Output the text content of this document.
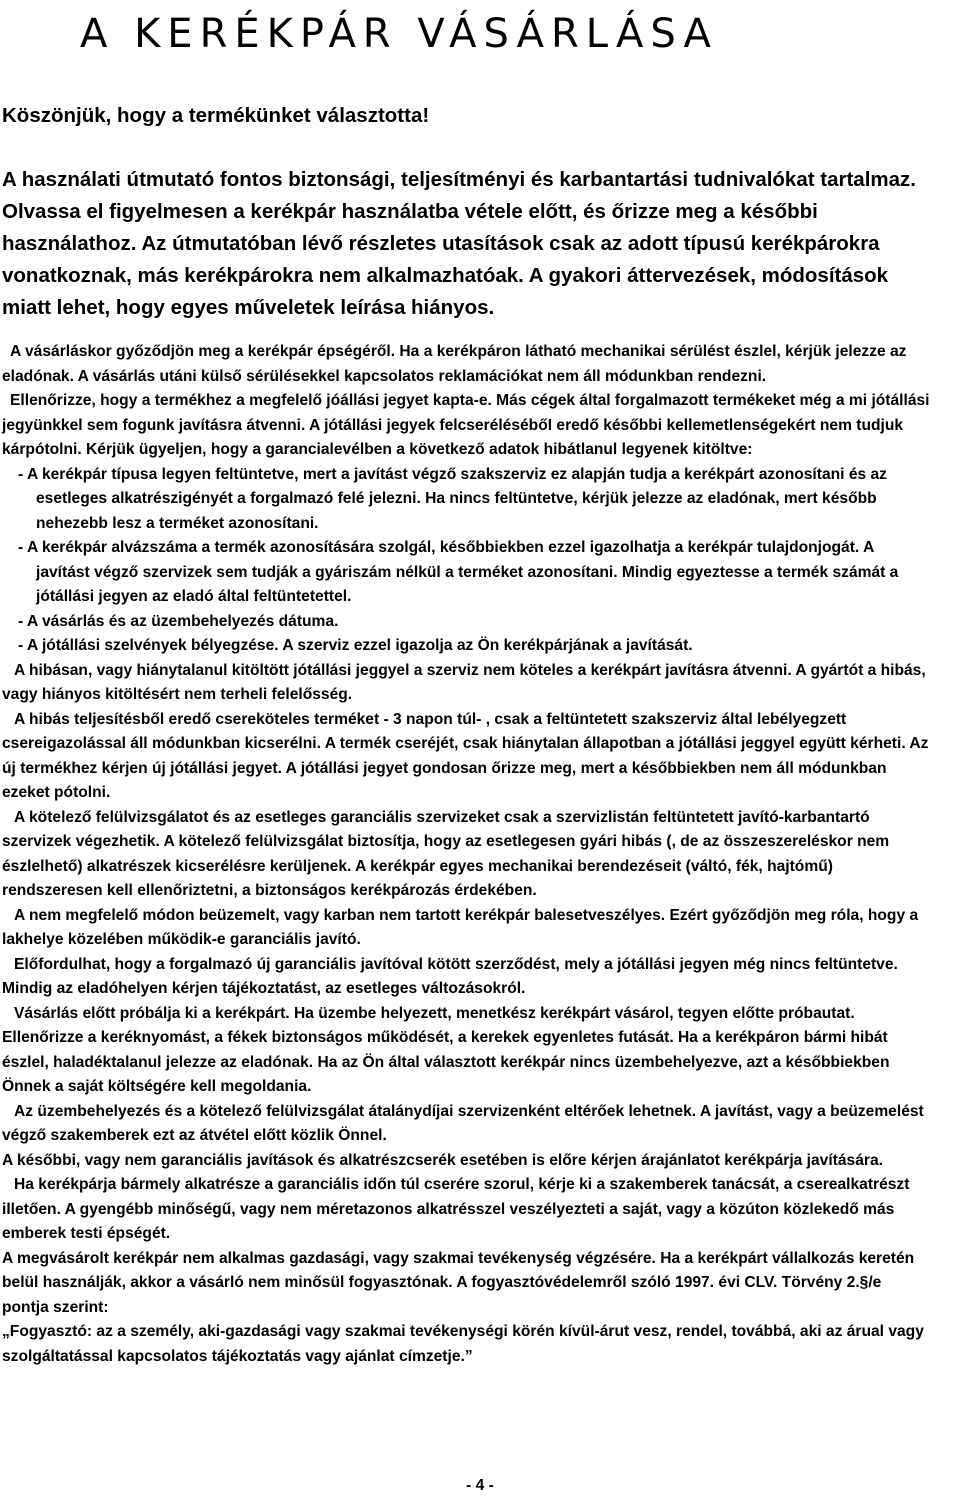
A KERÉKPÁR VÁSÁRLÁSA

Köszönjük, hogy a termékünket választotta!

A használati útmutató fontos biztonsági, teljesítményi és karbantartási tudnivalókat tartalmaz. Olvassa el figyelmesen a kerékpár használatba vétele előtt, és őrizze meg a későbbi használathoz. Az útmutatóban lévő részletes utasítások csak az adott típusú kerékpárokra vonatkoznak, más kerékpárokra nem alkalmazhatóak. A gyakori áttervezések, módosítások miatt lehet, hogy egyes műveletek leírása hiányos.

A vásárláskor győződjön meg a kerékpár épségéről. Ha a kerékpáron látható mechanikai sérülést észlel, kérjük jelezze az eladónak. A vásárlás utáni külső sérülésekkel kapcsolatos reklamációkat nem áll módunkban rendezni.

Ellenőrizze, hogy a termékhez a megfelelő jóállási jegyet kapta-e. Más cégek által forgalmazott termékeket még a mi jótállási jegyünkkel sem fogunk javításra átvenni. A jótállási jegyek felcserélésébőI eredő későbbi kellemetlenségekért nem tudjuk kárpótolni. Kérjük ügyeljen, hogy a garancialevélben a következő adatok hibátlanul legyenek kitöltve:

- A kerékpár típusa legyen feltüntetve, mert a javítást végző szakszerviz ez alapján tudja a kerékpárt azonosítani és az esetleges alkatrészigényét a forgalmazó felé jelezni. Ha nincs feltüntetve, kérjük jelezze az eladónak, mert később nehezebb lesz a terméket azonosítani.

- A kerékpár alvázszáma a termék azonosítására szolgál, későbbiekben ezzel igazolhatja a kerékpár tulajdonjogát. A javítást végző szervizek sem tudják a gyáriszám nélkül a terméket azonosítani. Mindig egyeztesse a termék számát a jótállási jegyen az eladó által feltüntetettel.

- A vásárlás és az üzembehelyezés dátuma.

- A jótállási szelvények bélyegzése. A szerviz ezzel igazolja az Ön kerékpárjának a javítását.

A hibásan, vagy hiánytalanul kitöltött jótállási jeggyel a szerviz nem köteles a kerékpárt javításra átvenni. A gyártót a hibás, vagy hiányos kitöltésért nem terheli felelősség.

A hibás teljesítésből eredő csereköteles terméket - 3 napon túl- , csak a feltüntetett szakszerviz által lebélyegzett csereigazolással áll módunkban kicserélni. A termék cseréjét, csak hiánytalan állapotban a jótállási jeggyel együtt kérheti. Az új termékhez kérjen új jótállási jegyet. A jótállási jegyet gondosan őrizze meg, mert a későbbiekben nem áll módunkban ezeket pótolni.

A kötelező felülvizsgálatot és az esetleges garanciális szervizeket csak a szervizlistán feltüntetett javító-karbantartó szervizek végezhetik. A kötelező felülvizsgálat biztosítja, hogy az esetlegesen gyári hibás (, de az összeszereléskor nem észlelhető) alkatrészek kicserélésre kerüljenek. A kerékpár egyes mechanikai berendezéseit (váltó, fék, hajtómű) rendszeresen kell ellenőriztetni, a biztonságos kerékpározás érdekében.

A nem megfelelő módon beüzemelt, vagy karban nem tartott kerékpár balesetveszélyes. Ezért győződjön meg róla, hogy a lakhelye közelében működik-e garanciális javító.

Előfordulhat, hogy a forgalmazó új garanciális javítóval kötött szerződést, mely a jótállási jegyen még nincs feltüntetve. Mindig az eladóhelyen kérjen tájékoztatást, az esetleges változásokról.

Vásárlás előtt próbálja ki a kerékpárt. Ha üzembe helyezett, menetkész kerékpárt vásárol, tegyen előtte próbautat. Ellenőrizze a keréknyomást, a fékek biztonságos működését, a kerekek egyenletes futását. Ha a kerékpáron bármi hibát észlel, haladéktalanul jelezze az eladónak. Ha az Ön által választott kerékpár nincs üzembehelyezve, azt a későbbiekben Önnek a saját költségére kell megoldania.

Az üzembehelyezés és a kötelező felülvizsgálat átalánydíjai szervizenként eltérőek lehetnek. A javítást, vagy a beüzemelést végző szakemberek ezt az átvétel előtt közlik Önnel.

A későbbi, vagy nem garanciális javítások és alkatrészcserék esetében is előre kérjen árajánlatot kerékpárja javítására.

Ha kerékpárja bármely alkatrésze a garanciális időn túl cserére szorul, kérje ki a szakemberek tanácsát, a cserealkatrészt illetően. A gyengébb minőségű, vagy nem méretazonos alkatrésszel veszélyezteti a saját, vagy a közúton közlekedő más emberek testi épségét.

A megvásárolt kerékpár nem alkalmas gazdasági, vagy szakmai tevékenység végzésére. Ha a kerékpárt vállalkozás keretén belül használják, akkor a vásárló nem minősül fogyasztónak. A fogyasztóvédelemről szóló 1997. évi CLV. Törvény 2.§/e pontja szerint:

„Fogyasztó: az a személy, aki-gazdasági vagy szakmai tevékenységi körén kívül-árut vesz, rendel, továbbá, aki az árual vagy szolgáltatással kapcsolatos tájékoztatás vagy ajánlat címzetje.”

- 4 -
